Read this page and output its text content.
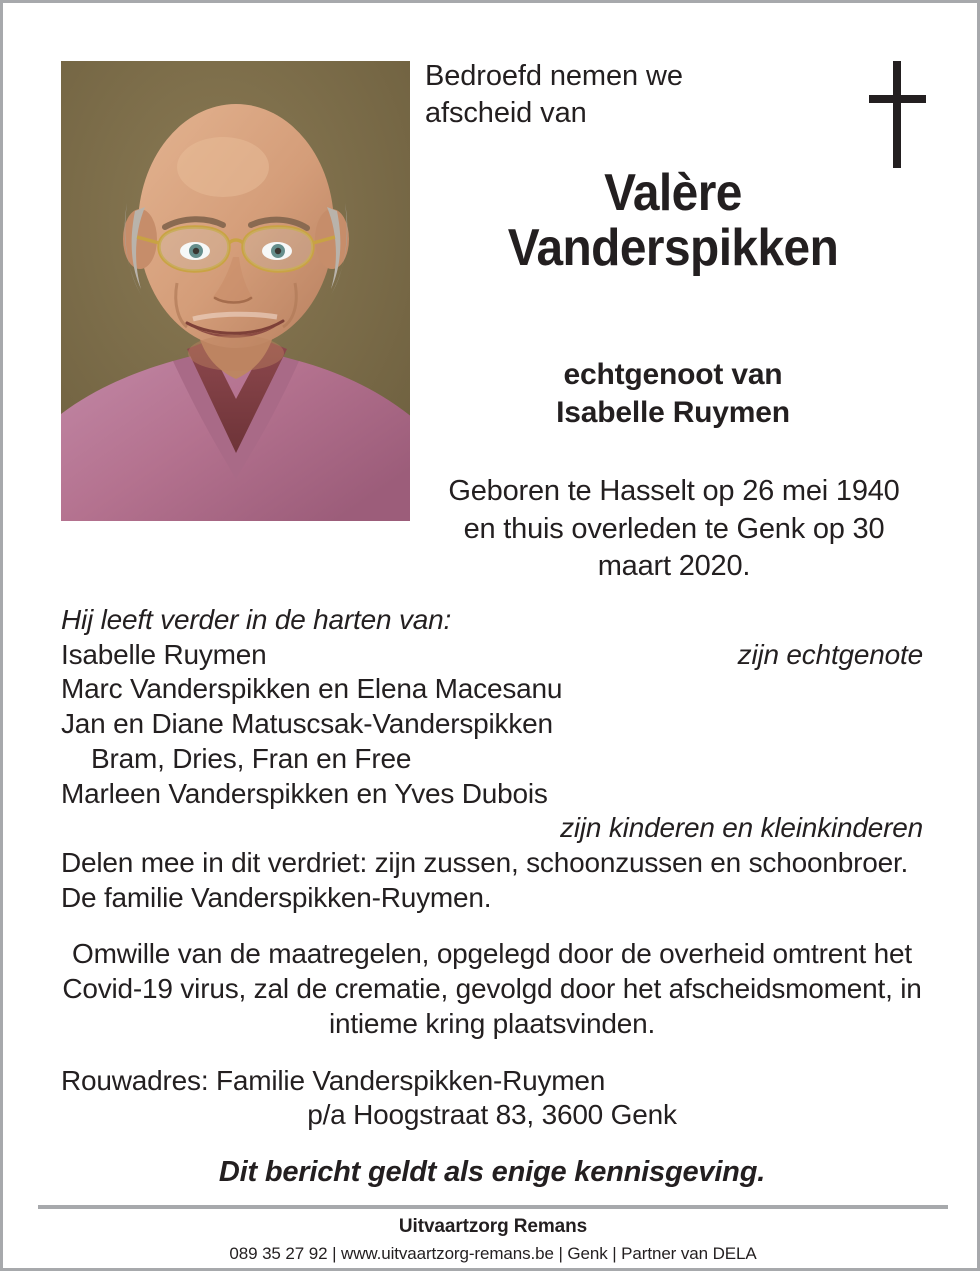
Bedroefd nemen we
afscheid van
Valère
Vanderspikken
echtgenoot van
Isabelle Ruymen
Geboren te Hasselt op 26 mei 1940 en thuis overleden te Genk op 30 maart 2020.
Hij leeft verder in de harten van:
Isabelle Ruymen	zijn echtgenote
Marc Vanderspikken en Elena Macesanu
Jan en Diane Matuscsak-Vanderspikken
Bram, Dries, Fran en Free
Marleen Vanderspikken en Yves Dubois
zijn kinderen en kleinkinderen
Delen mee in dit verdriet: zijn zussen, schoonzussen en schoonbroer. De familie Vanderspikken-Ruymen.
Omwille van de maatregelen, opgelegd door de overheid omtrent het Covid-19 virus, zal de crematie, gevolgd door het afscheidsmoment, in intieme kring plaatsvinden.
Rouwadres: Familie Vanderspikken-Ruymen
p/a Hoogstraat 83, 3600 Genk
Dit bericht geldt als enige kennisgeving.
Uitvaartzorg Remans
089 35 27 92 | www.uitvaartzorg-remans.be | Genk | Partner van DELA
